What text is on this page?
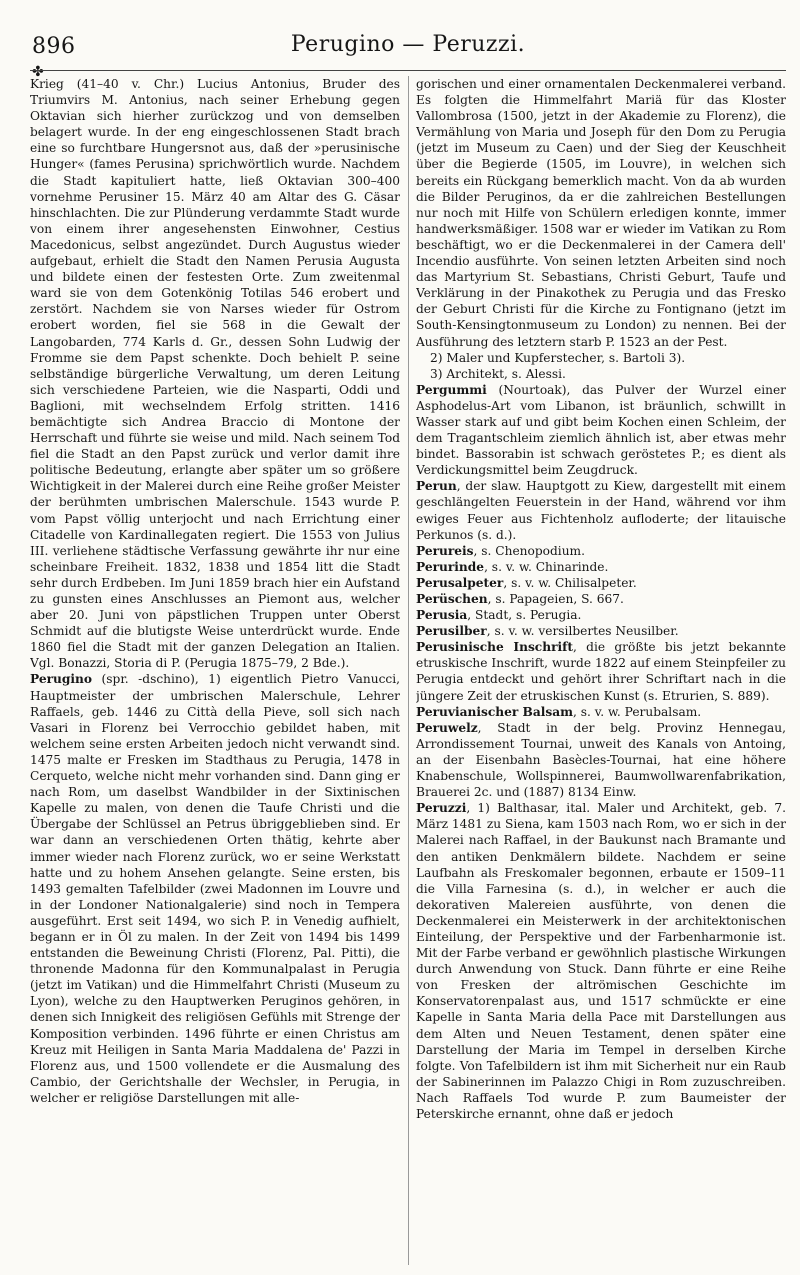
896	Perugino — Peruzzi.
✤

Krieg (41–40 v. Chr.) Lucius Antonius, Bruder des Triumvirs M. Antonius, nach seiner Erhebung gegen Oktavian sich hierher zurückzog und von demselben belagert wurde. In der eng eingeschlossenen Stadt brach eine so furchtbare Hungersnot aus, daß der »perusinische Hunger« (fames Perusina) sprichwörtlich wurde. Nachdem die Stadt kapituliert hatte, ließ Oktavian 300–400 vornehme Perusiner 15. März 40 am Altar des G. Cäsar hinschlachten. Die zur Plünderung verdammte Stadt wurde von einem ihrer angesehensten Einwohner, Cestius Macedonicus, selbst angezündet. Durch Augustus wieder aufgebaut, erhielt die Stadt den Namen Perusia Augusta und bildete einen der festesten Orte. Zum zweitenmal ward sie von dem Gotenkönig Totilas 546 erobert und zerstört. Nachdem sie von Narses wieder für Ostrom erobert worden, fiel sie 568 in die Gewalt der Langobarden, 774 Karls d. Gr., dessen Sohn Ludwig der Fromme sie dem Papst schenkte. Doch behielt P. seine selbständige bürgerliche Verwaltung, um deren Leitung sich verschiedene Parteien, wie die Nasparti, Oddi und Baglioni, mit wechselndem Erfolg stritten. 1416 bemächtigte sich Andrea Braccio di Montone der Herrschaft und führte sie weise und mild. Nach seinem Tod fiel die Stadt an den Papst zurück und verlor damit ihre politische Bedeutung, erlangte aber später um so größere Wichtigkeit in der Malerei durch eine Reihe großer Meister der berühmten umbrischen Malerschule. 1543 wurde P. vom Papst völlig unterjocht und nach Errichtung einer Citadelle von Kardinallegaten regiert. Die 1553 von Julius III. verliehene städtische Verfassung gewährte ihr nur eine scheinbare Freiheit. 1832, 1838 und 1854 litt die Stadt sehr durch Erdbeben. Im Juni 1859 brach hier ein Aufstand zu gunsten eines Anschlusses an Piemont aus, welcher aber 20. Juni von päpstlichen Truppen unter Oberst Schmidt auf die blutigste Weise unterdrückt wurde. Ende 1860 fiel die Stadt mit der ganzen Delegation an Italien. Vgl. Bonazzi, Storia di P. (Perugia 1875–79, 2 Bde.).

Perugino (spr. -dschino), 1) eigentlich Pietro Vanucci, Hauptmeister der umbrischen Malerschule, Lehrer Raffaels, geb. 1446 zu Città della Pieve, soll sich nach Vasari in Florenz bei Verrocchio gebildet haben, mit welchem seine ersten Arbeiten jedoch nicht verwandt sind. 1475 malte er Fresken im Stadthaus zu Perugia, 1478 in Cerqueto, welche nicht mehr vorhanden sind. Dann ging er nach Rom, um daselbst Wandbilder in der Sixtinischen Kapelle zu malen, von denen die Taufe Christi und die Übergabe der Schlüssel an Petrus übriggeblieben sind. Er war dann an verschiedenen Orten thätig, kehrte aber immer wieder nach Florenz zurück, wo er seine Werkstatt hatte und zu hohem Ansehen gelangte. Seine ersten, bis 1493 gemalten Tafelbilder (zwei Madonnen im Louvre und in der Londoner Nationalgalerie) sind noch in Tempera ausgeführt. Erst seit 1494, wo sich P. in Venedig aufhielt, begann er in Öl zu malen. In der Zeit von 1494 bis 1499 entstanden die Beweinung Christi (Florenz, Pal. Pitti), die thronende Madonna für den Kommunalpalast in Perugia (jetzt im Vatikan) und die Himmelfahrt Christi (Museum zu Lyon), welche zu den Hauptwerken Peruginos gehören, in denen sich Innigkeit des religiösen Gefühls mit Strenge der Komposition verbinden. 1496 führte er einen Christus am Kreuz mit Heiligen in Santa Maria Maddalena de' Pazzi in Florenz aus, und 1500 vollendete er die Ausmalung des Cambio, der Gerichtshalle der Wechsler, in Perugia, in welcher er religiöse Darstellungen mit alle-

gorischen und einer ornamentalen Deckenmalerei verband. Es folgten die Himmelfahrt Mariä für das Kloster Vallombrosa (1500, jetzt in der Akademie zu Florenz), die Vermählung von Maria und Joseph für den Dom zu Perugia (jetzt im Museum zu Caen) und der Sieg der Keuschheit über die Begierde (1505, im Louvre), in welchen sich bereits ein Rückgang bemerklich macht. Von da ab wurden die Bilder Peruginos, da er die zahlreichen Bestellungen nur noch mit Hilfe von Schülern erledigen konnte, immer handwerksmäßiger. 1508 war er wieder im Vatikan zu Rom beschäftigt, wo er die Deckenmalerei in der Camera dell' Incendio ausführte. Von seinen letzten Arbeiten sind noch das Martyrium St. Sebastians, Christi Geburt, Taufe und Verklärung in der Pinakothek zu Perugia und das Fresko der Geburt Christi für die Kirche zu Fontignano (jetzt im South-Kensingtonmuseum zu London) zu nennen. Bei der Ausführung des letztern starb P. 1523 an der Pest.

2) Maler und Kupferstecher, s. Bartoli 3).

3) Architekt, s. Alessi.

Pergummi (Nourtoak), das Pulver der Wurzel einer Asphodelus-Art vom Libanon, ist bräunlich, schwillt in Wasser stark auf und gibt beim Kochen einen Schleim, der dem Tragantschleim ziemlich ähnlich ist, aber etwas mehr bindet. Bassorabin ist schwach geröstetes P.; es dient als Verdickungsmittel beim Zeugdruck.

Perun, der slaw. Hauptgott zu Kiew, dargestellt mit einem geschlängelten Feuerstein in der Hand, während vor ihm ewiges Feuer aus Fichtenholz aufloderte; der litauische Perkunos (s. d.).

Perureis, s. Chenopodium.

Perurinde, s. v. w. Chinarinde.

Perusalpeter, s. v. w. Chilisalpeter.

Perüschen, s. Papageien, S. 667.

Perusia, Stadt, s. Perugia.

Perusilber, s. v. w. versilbertes Neusilber.

Perusinische Inschrift, die größte bis jetzt bekannte etruskische Inschrift, wurde 1822 auf einem Steinpfeiler zu Perugia entdeckt und gehört ihrer Schriftart nach in die jüngere Zeit der etruskischen Kunst (s. Etrurien, S. 889).

Peruvianischer Balsam, s. v. w. Perubalsam.

Peruwelz, Stadt in der belg. Provinz Hennegau, Arrondissement Tournai, unweit des Kanals von Antoing, an der Eisenbahn Basècles-Tournai, hat eine höhere Knabenschule, Wollspinnerei, Baumwollwarenfabrikation, Brauerei 2c. und (1887) 8134 Einw.

Peruzzi, 1) Balthasar, ital. Maler und Architekt, geb. 7. März 1481 zu Siena, kam 1503 nach Rom, wo er sich in der Malerei nach Raffael, in der Baukunst nach Bramante und den antiken Denkmälern bildete. Nachdem er seine Laufbahn als Freskomaler begonnen, erbaute er 1509–11 die Villa Farnesina (s. d.), in welcher er auch die dekorativen Malereien ausführte, von denen die Deckenmalerei ein Meisterwerk in der architektonischen Einteilung, der Perspektive und der Farbenharmonie ist. Mit der Farbe verband er gewöhnlich plastische Wirkungen durch Anwendung von Stuck. Dann führte er eine Reihe von Fresken der altrömischen Geschichte im Konservatorenpalast aus, und 1517 schmückte er eine Kapelle in Santa Maria della Pace mit Darstellungen aus dem Alten und Neuen Testament, denen später eine Darstellung der Maria im Tempel in derselben Kirche folgte. Von Tafelbildern ist ihm mit Sicherheit nur ein Raub der Sabinerinnen im Palazzo Chigi in Rom zuzuschreiben. Nach Raffaels Tod wurde P. zum Baumeister der Peterskirche ernannt, ohne daß er jedoch
